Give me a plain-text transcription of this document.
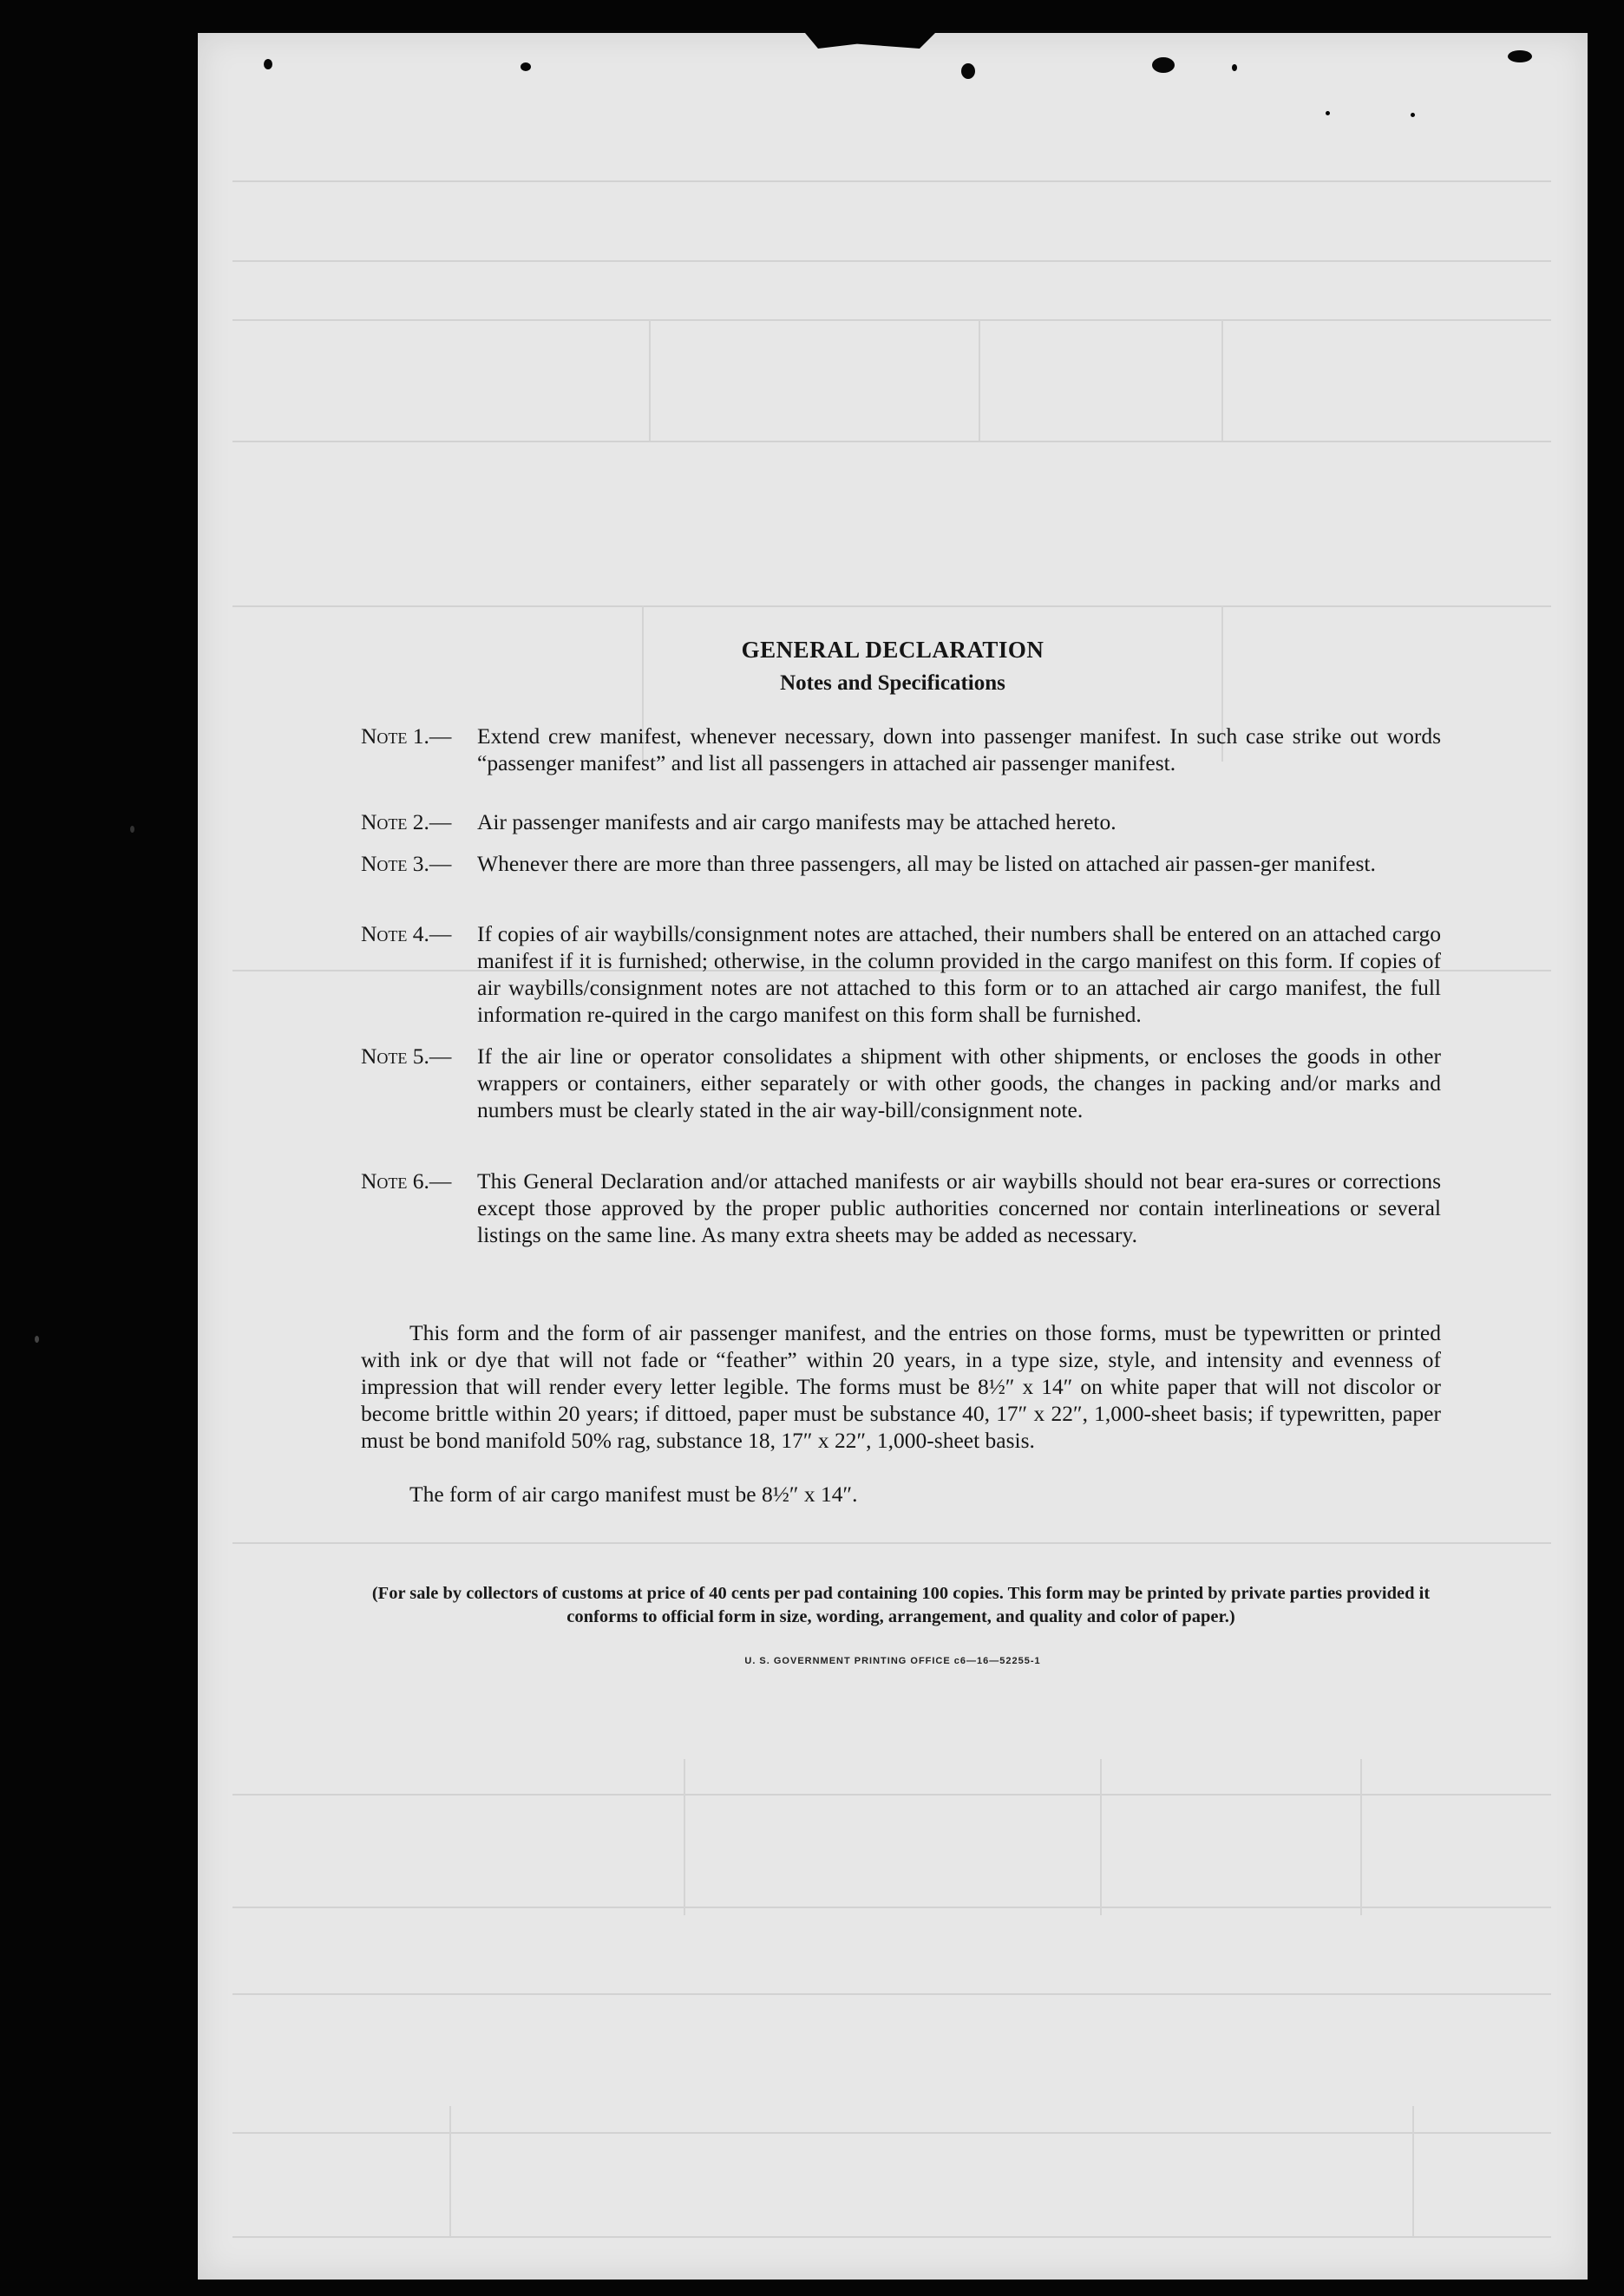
GENERAL DECLARATION
Notes and Specifications
Note 1.—	Extend crew manifest, whenever necessary, down into passenger manifest. In such case strike out words “passenger manifest” and list all passengers in attached air passenger manifest.
Note 2.—	Air passenger manifests and air cargo manifests may be attached hereto.
Note 3.—	Whenever there are more than three passengers, all may be listed on attached air passen-ger manifest.
Note 4.—	If copies of air waybills/consignment notes are attached, their numbers shall be entered on an attached cargo manifest if it is furnished; otherwise, in the column provided in the cargo manifest on this form. If copies of air waybills/consignment notes are not attached to this form or to an attached air cargo manifest, the full information re-quired in the cargo manifest on this form shall be furnished.
Note 5.—	If the air line or operator consolidates a shipment with other shipments, or encloses the goods in other wrappers or containers, either separately or with other goods, the changes in packing and/or marks and numbers must be clearly stated in the air way-bill/consignment note.
Note 6.—	This General Declaration and/or attached manifests or air waybills should not bear era-sures or corrections except those approved by the proper public authorities concerned nor contain interlineations or several listings on the same line. As many extra sheets may be added as necessary.
This form and the form of air passenger manifest, and the entries on those forms, must be typewritten or printed with ink or dye that will not fade or “feather” within 20 years, in a type size, style, and intensity and evenness of impression that will render every letter legible. The forms must be 8½″ x 14″ on white paper that will not discolor or become brittle within 20 years; if dittoed, paper must be substance 40, 17″ x 22″, 1,000-sheet basis; if typewritten, paper must be bond manifold 50% rag, substance 18, 17″ x 22″, 1,000-sheet basis.
The form of air cargo manifest must be 8½″ x 14″.
(For sale by collectors of customs at price of 40 cents per pad containing 100 copies. This form may be printed by private parties provided it conforms to official form in size, wording, arrangement, and quality and color of paper.)
U. S. GOVERNMENT PRINTING OFFICE c6—16—52255-1
